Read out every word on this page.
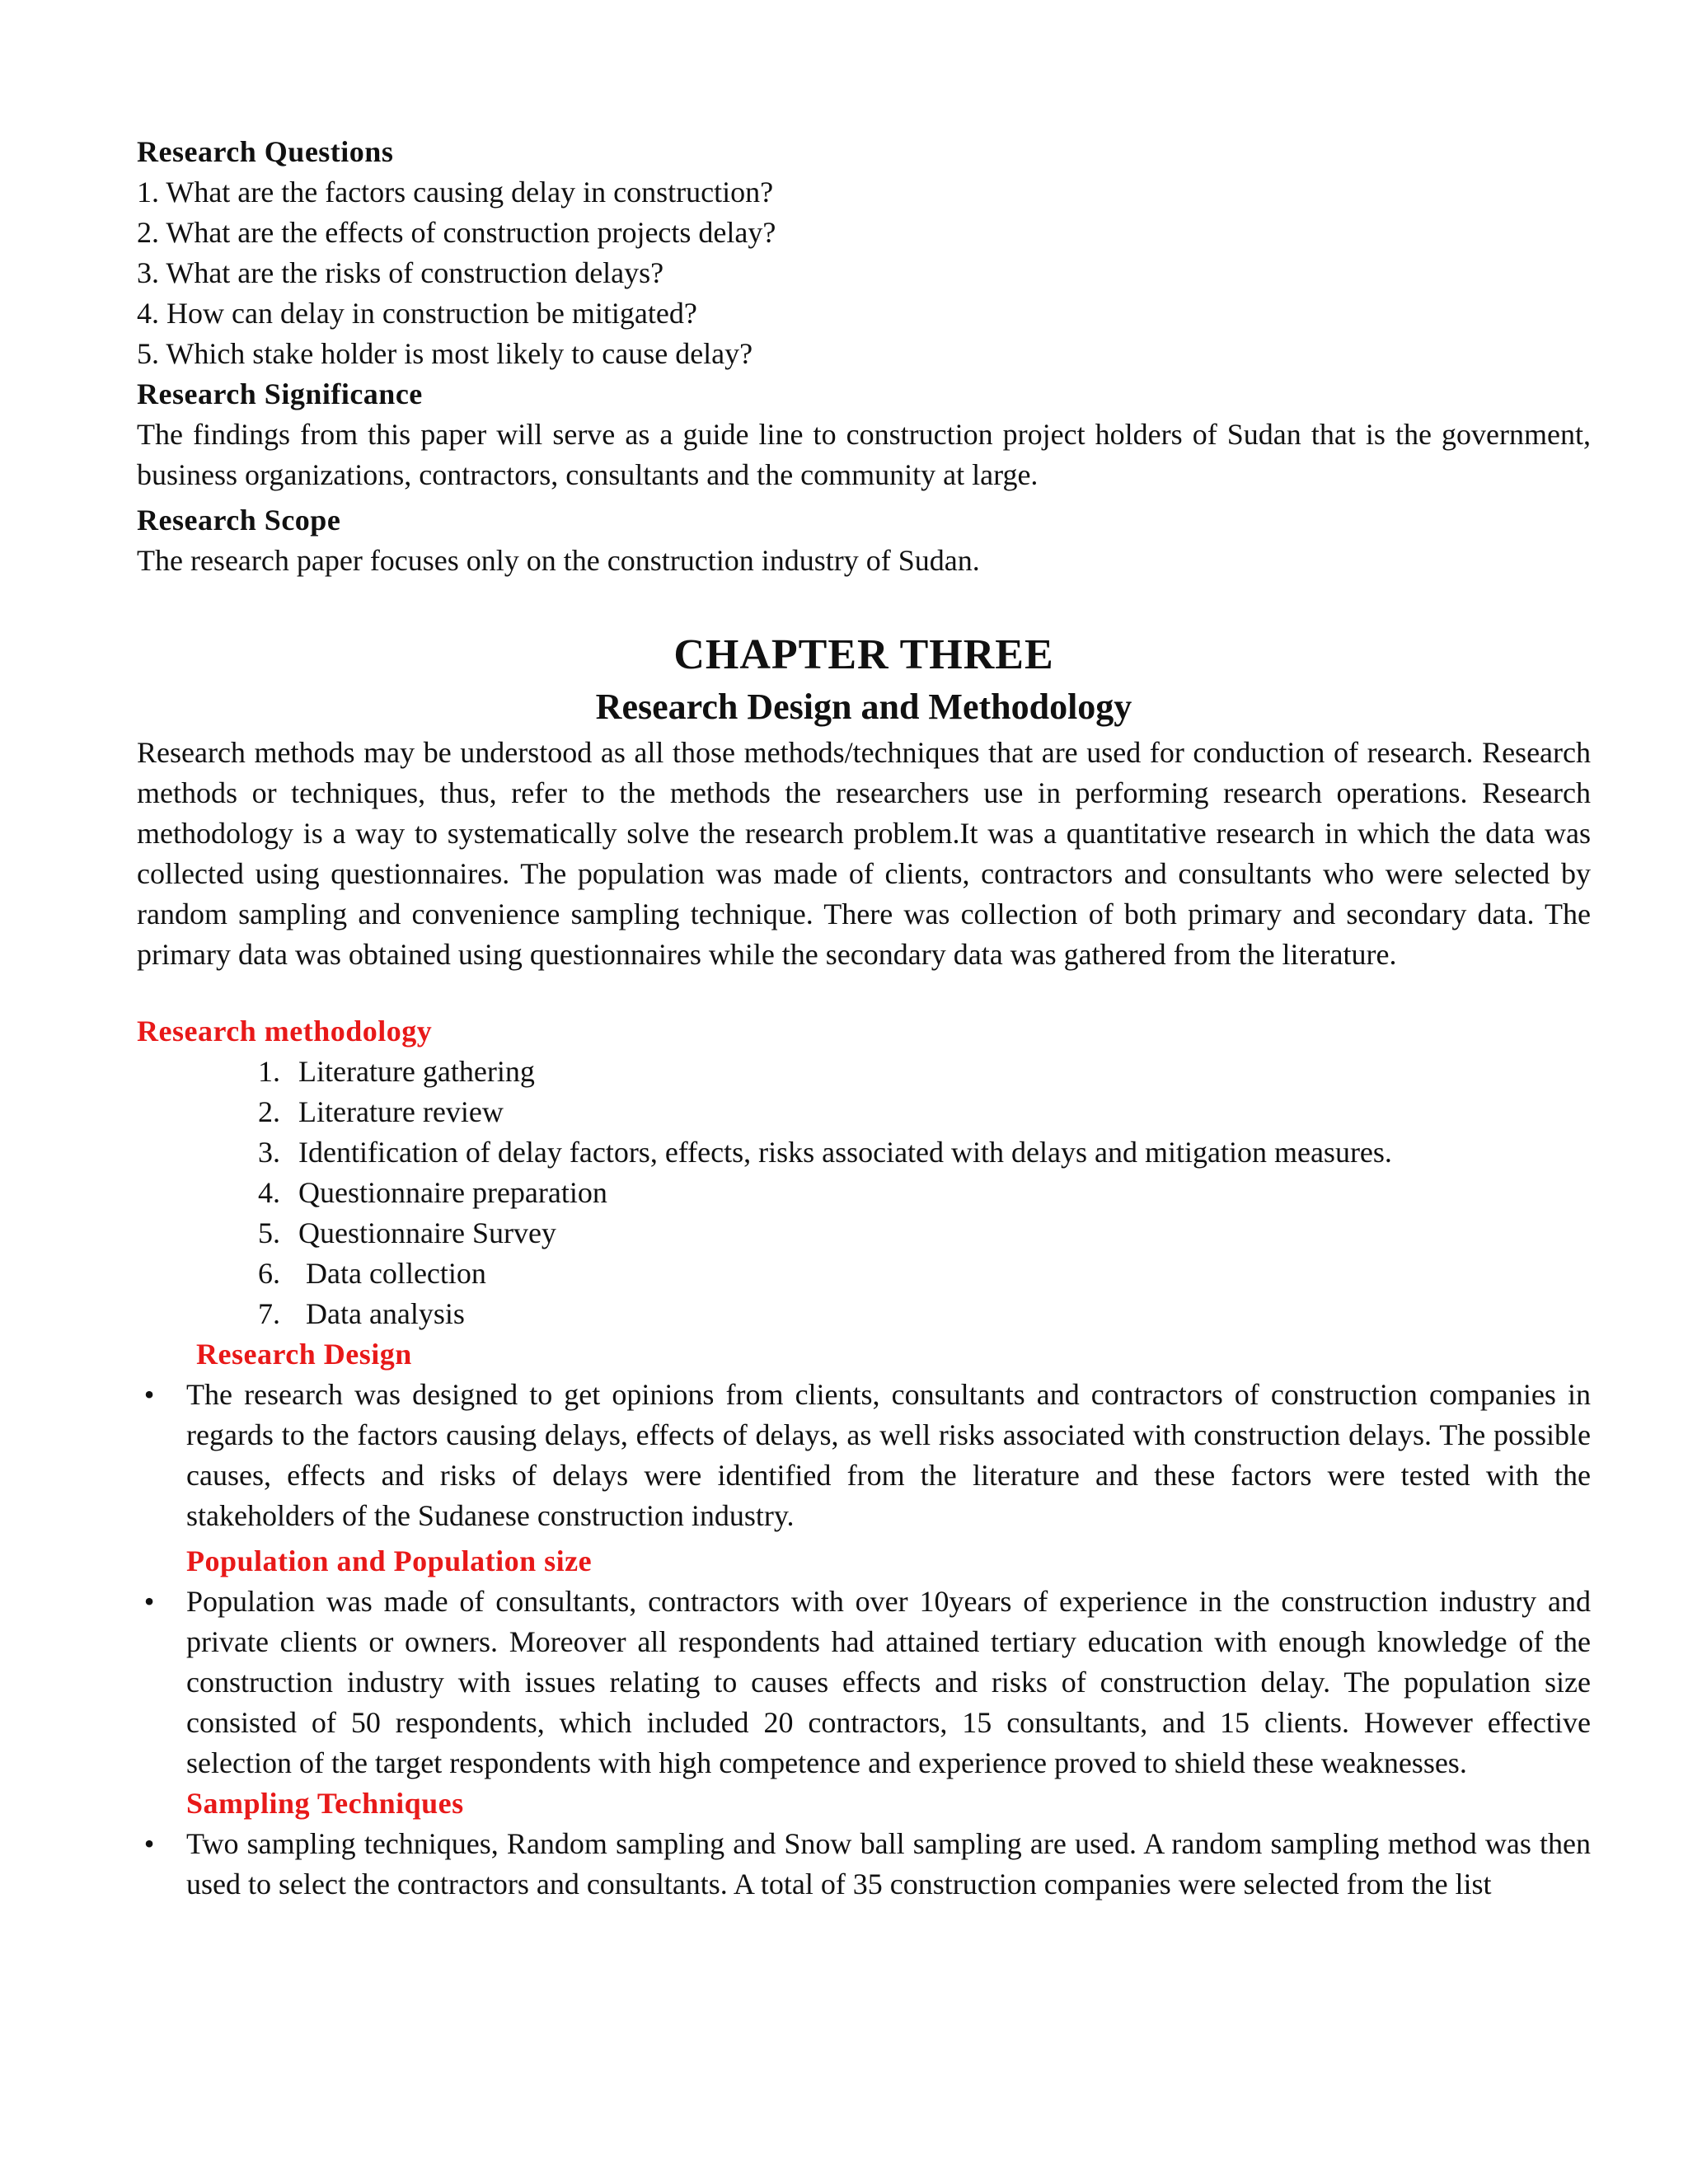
Research Questions

1. What are the factors causing delay in construction?

2. What are the effects of construction projects delay?

3. What are the risks of construction delays?

4. How can delay in construction be mitigated?

5. Which stake holder is most likely to cause delay?

Research Significance

The findings from this paper will serve as a guide line to construction project holders of Sudan that is the government, business organizations, contractors, consultants and the community at large.

Research Scope

The research paper focuses only on the construction industry of Sudan.

CHAPTER THREE

Research Design and Methodology

Research methods may be understood as all those methods/techniques that are used for conduction of research. Research methods or techniques, thus, refer to the methods the researchers use in performing research operations. Research methodology is a way to systematically solve the research problem.It was a quantitative research in which the data was collected using questionnaires. The population was made of clients, contractors and consultants who were selected by random sampling and convenience sampling technique. There was collection of both primary and secondary data. The primary data was obtained using questionnaires while the secondary data was gathered from the literature.

Research methodology

1. Literature gathering
2. Literature review
3. Identification of delay factors, effects, risks associated with delays and mitigation measures.
4. Questionnaire preparation
5. Questionnaire Survey
6. Data collection
7. Data analysis

Research Design

• The research was designed to get opinions from clients, consultants and contractors of construction companies in regards to the factors causing delays, effects of delays, as well risks associated with construction delays. The possible causes, effects and risks of delays were identified from the literature and these factors were tested with the stakeholders of the Sudanese construction industry.

Population and Population size

• Population was made of consultants, contractors with over 10years of experience in the construction industry and private clients or owners. Moreover all respondents had attained tertiary education with enough knowledge of the construction industry with issues relating to causes effects and risks of construction delay. The population size consisted of 50 respondents, which included 20 contractors, 15 consultants, and 15 clients. However effective selection of the target respondents with high competence and experience proved to shield these weaknesses.

Sampling Techniques

• Two sampling techniques, Random sampling and Snow ball sampling are used. A random sampling method was then used to select the contractors and consultants. A total of 35 construction companies were selected from the list
